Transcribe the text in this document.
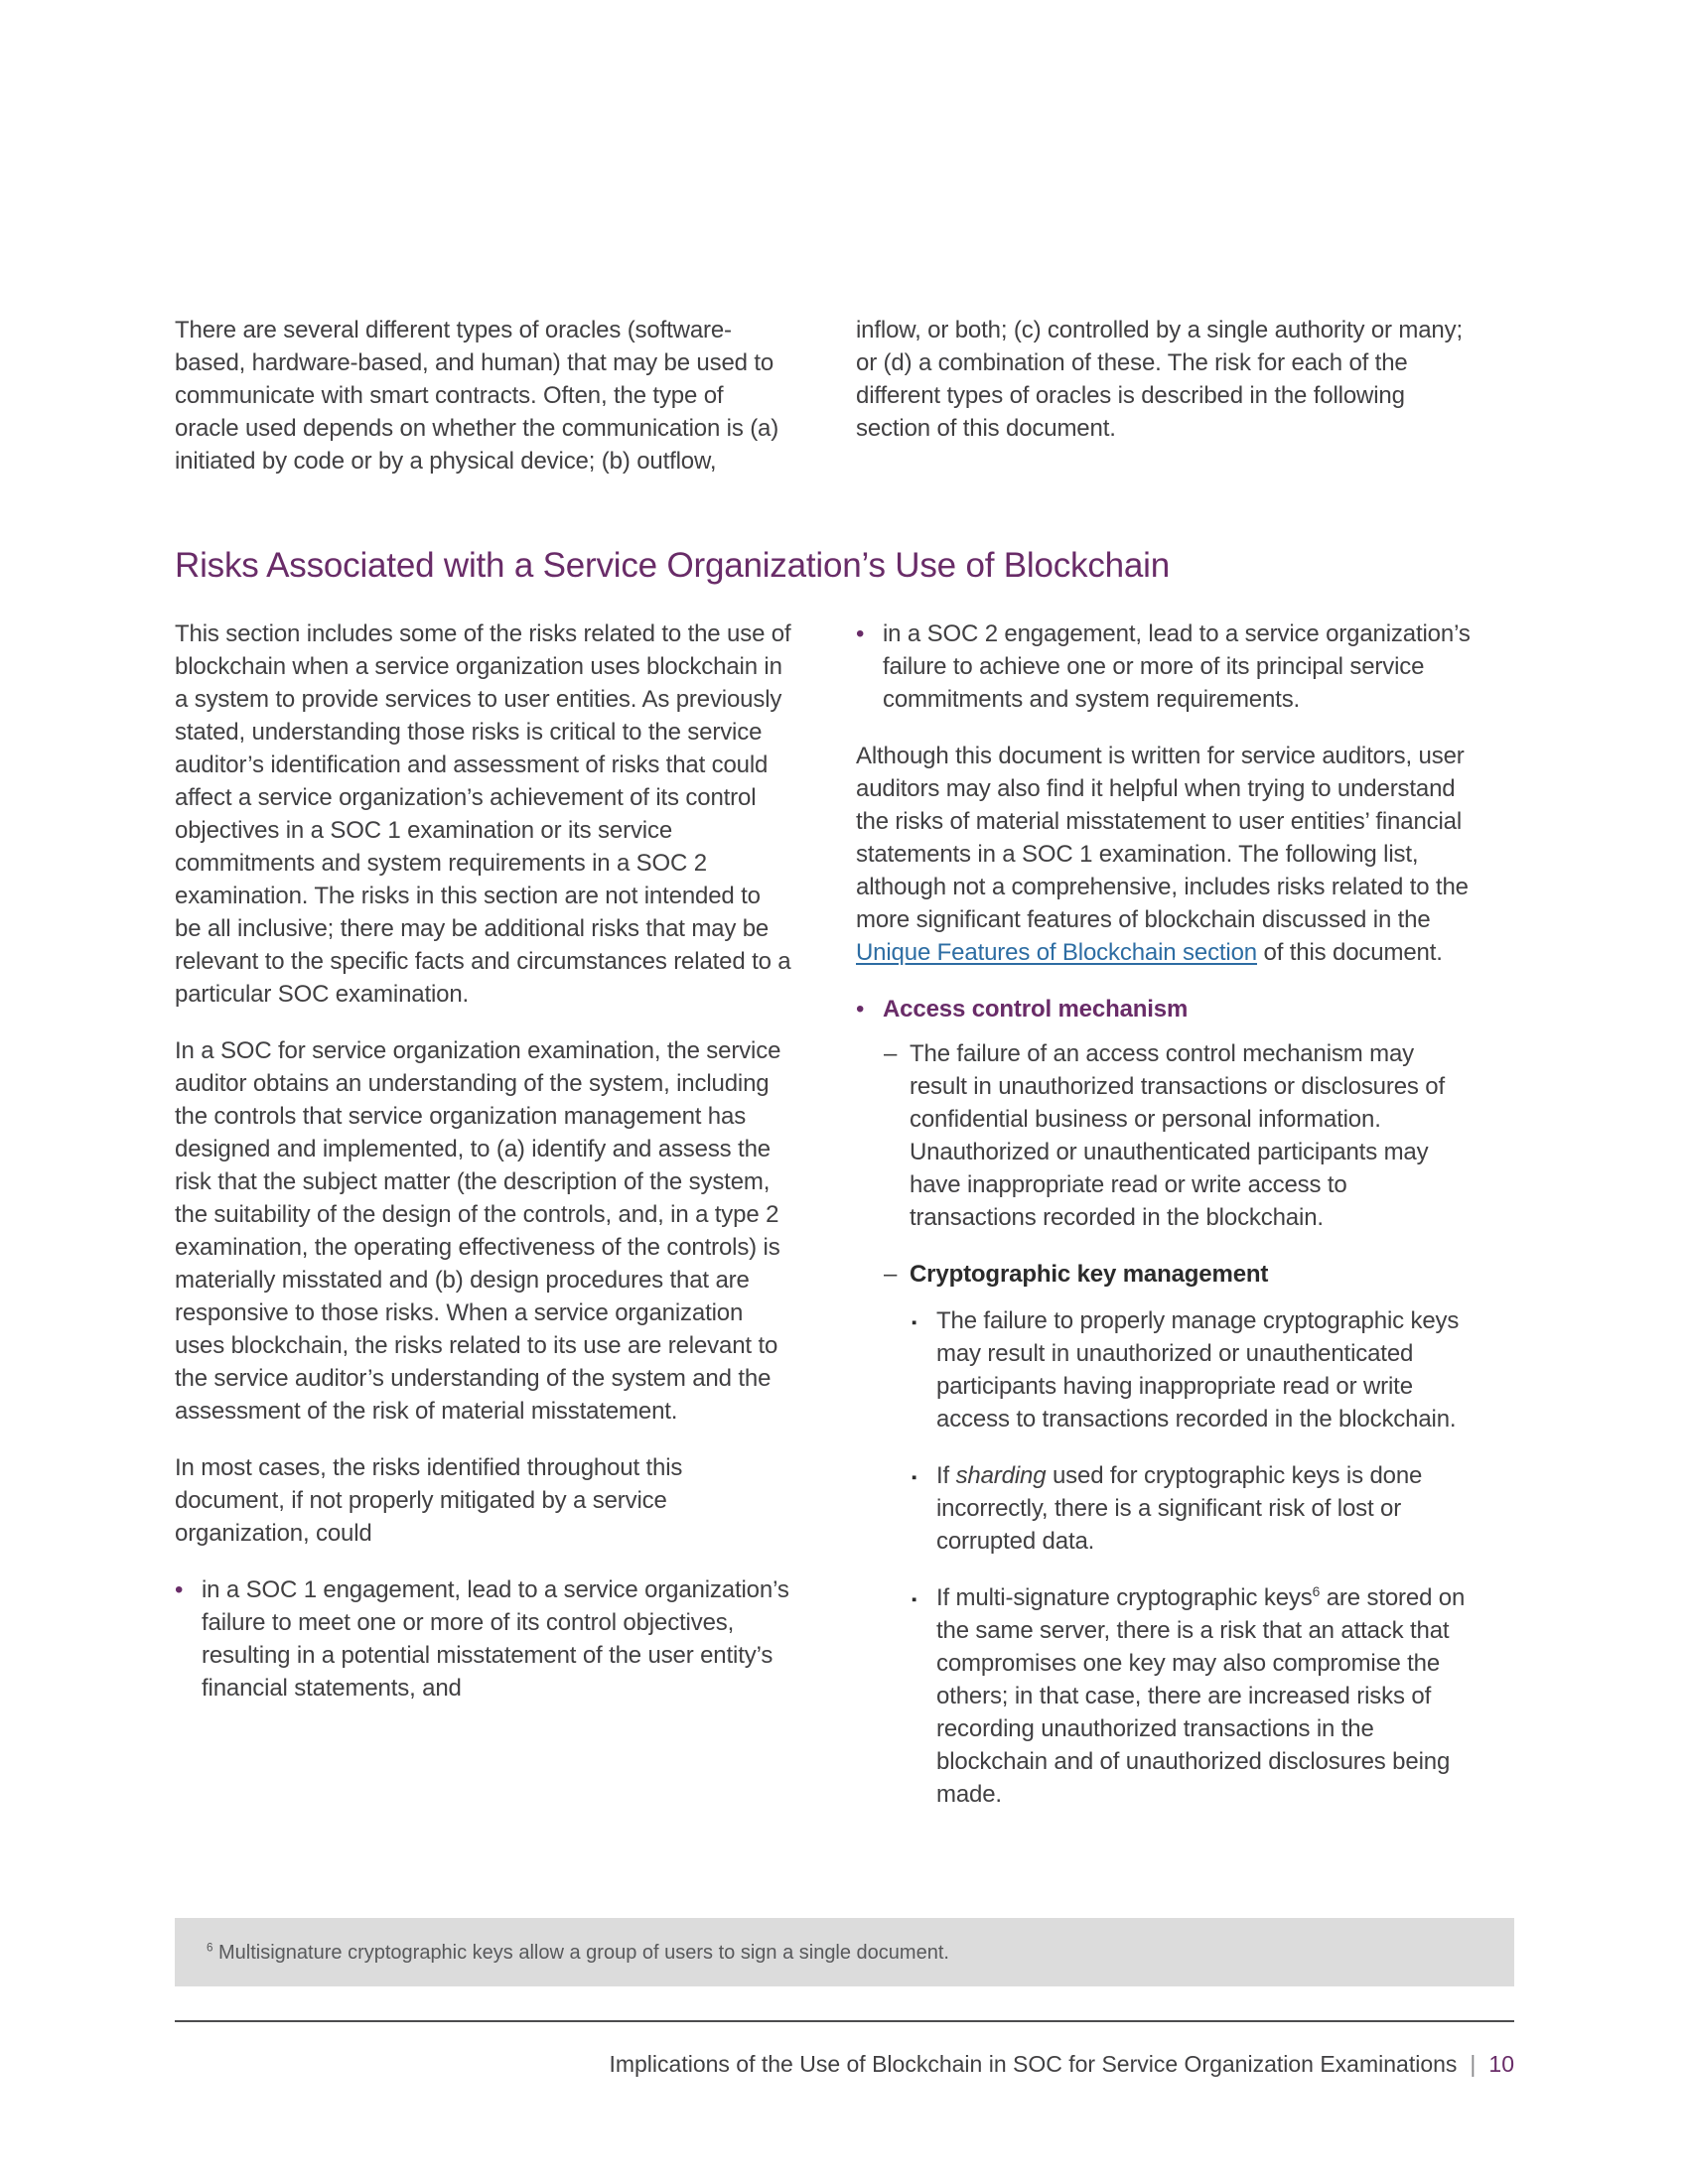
There are several different types of oracles (software-based, hardware-based, and human) that may be used to communicate with smart contracts. Often, the type of oracle used depends on whether the communication is (a) initiated by code or by a physical device; (b) outflow,

inflow, or both; (c) controlled by a single authority or many; or (d) a combination of these. The risk for each of the different types of oracles is described in the following section of this document.

Risks Associated with a Service Organization’s Use of Blockchain

This section includes some of the risks related to the use of blockchain when a service organization uses blockchain in a system to provide services to user entities. As previously stated, understanding those risks is critical to the service auditor’s identification and assessment of risks that could affect a service organization’s achievement of its control objectives in a SOC 1 examination or its service commitments and system requirements in a SOC 2 examination. The risks in this section are not intended to be all inclusive; there may be additional risks that may be relevant to the specific facts and circumstances related to a particular SOC examination.

In a SOC for service organization examination, the service auditor obtains an understanding of the system, including the controls that service organization management has designed and implemented, to (a) identify and assess the risk that the subject matter (the description of the system, the suitability of the design of the controls, and, in a type 2 examination, the operating effectiveness of the controls) is materially misstated and (b) design procedures that are responsive to those risks. When a service organization uses blockchain, the risks related to its use are relevant to the service auditor’s understanding of the system and the assessment of the risk of material misstatement.

In most cases, the risks identified throughout this document, if not properly mitigated by a service organization, could

• in a SOC 1 engagement, lead to a service organization’s failure to meet one or more of its control objectives, resulting in a potential misstatement of the user entity’s financial statements, and
• in a SOC 2 engagement, lead to a service organization’s failure to achieve one or more of its principal service commitments and system requirements.

Although this document is written for service auditors, user auditors may also find it helpful when trying to understand the risks of material misstatement to user entities’ financial statements in a SOC 1 examination. The following list, although not a comprehensive, includes risks related to the more significant features of blockchain discussed in the Unique Features of Blockchain section of this document.

• Access control mechanism
– The failure of an access control mechanism may result in unauthorized transactions or disclosures of confidential business or personal information. Unauthorized or unauthenticated participants may have inappropriate read or write access to transactions recorded in the blockchain.
– Cryptographic key management
▪ The failure to properly manage cryptographic keys may result in unauthorized or unauthenticated participants having inappropriate read or write access to transactions recorded in the blockchain.
▪ If sharding used for cryptographic keys is done incorrectly, there is a significant risk of lost or corrupted data.
▪ If multi-signature cryptographic keys$^6$ are stored on the same server, there is a risk that an attack that compromises one key may also compromise the others; in that case, there are increased risks of recording unauthorized transactions in the blockchain and of unauthorized disclosures being made.
$^6$ Multisignature cryptographic keys allow a group of users to sign a single document.
Implications of the Use of Blockchain in SOC for Service Organization Examinations | 10
